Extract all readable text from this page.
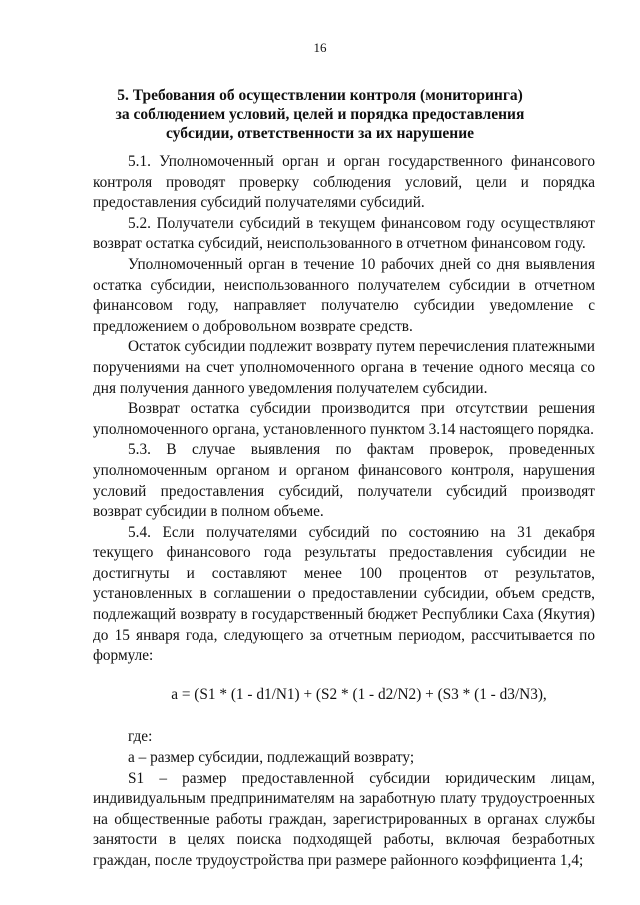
16
5. Требования об осуществлении контроля (мониторинга)
за соблюдением условий, целей и порядка предоставления
субсидии, ответственности за их нарушение

5.1. Уполномоченный орган и орган государственного финансового контроля проводят проверку соблюдения условий, цели и порядка предоставления субсидий получателями субсидий.

5.2. Получатели субсидий в текущем финансовом году осуществляют возврат остатка субсидий, неиспользованного в отчетном финансовом году.

Уполномоченный орган в течение 10 рабочих дней со дня выявления остатка субсидии, неиспользованного получателем субсидии в отчетном финансовом году, направляет получателю субсидии уведомление с предложением о добровольном возврате средств.

Остаток субсидии подлежит возврату путем перечисления платежными поручениями на счет уполномоченного органа в течение одного месяца со дня получения данного уведомления получателем субсидии.

Возврат остатка субсидии производится при отсутствии решения уполномоченного органа, установленного пунктом 3.14 настоящего порядка.

5.3. В случае выявления по фактам проверок, проведенных уполномоченным органом и органом финансового контроля, нарушения условий предоставления субсидий, получатели субсидий производят возврат субсидии в полном объеме.

5.4. Если получателями субсидий по состоянию на 31 декабря текущего финансового года результаты предоставления субсидии не достигнуты и составляют менее 100 процентов от результатов, установленных в соглашении о предоставлении субсидии, объем средств, подлежащий возврату в государственный бюджет Республики Саха (Якутия) до 15 января года, следующего за отчетным периодом, рассчитывается по формуле:

a = (S1 * (1 - d1/N1) + (S2 * (1 - d2/N2) + (S3 * (1 - d3/N3),

где:

a – размер субсидии, подлежащий возврату;

S1 – размер предоставленной субсидии юридическим лицам, индивидуальным предпринимателям на заработную плату трудоустроенных на общественные работы граждан, зарегистрированных в органах службы занятости в целях поиска подходящей работы, включая безработных граждан, после трудоустройства при размере районного коэффициента 1,4;
